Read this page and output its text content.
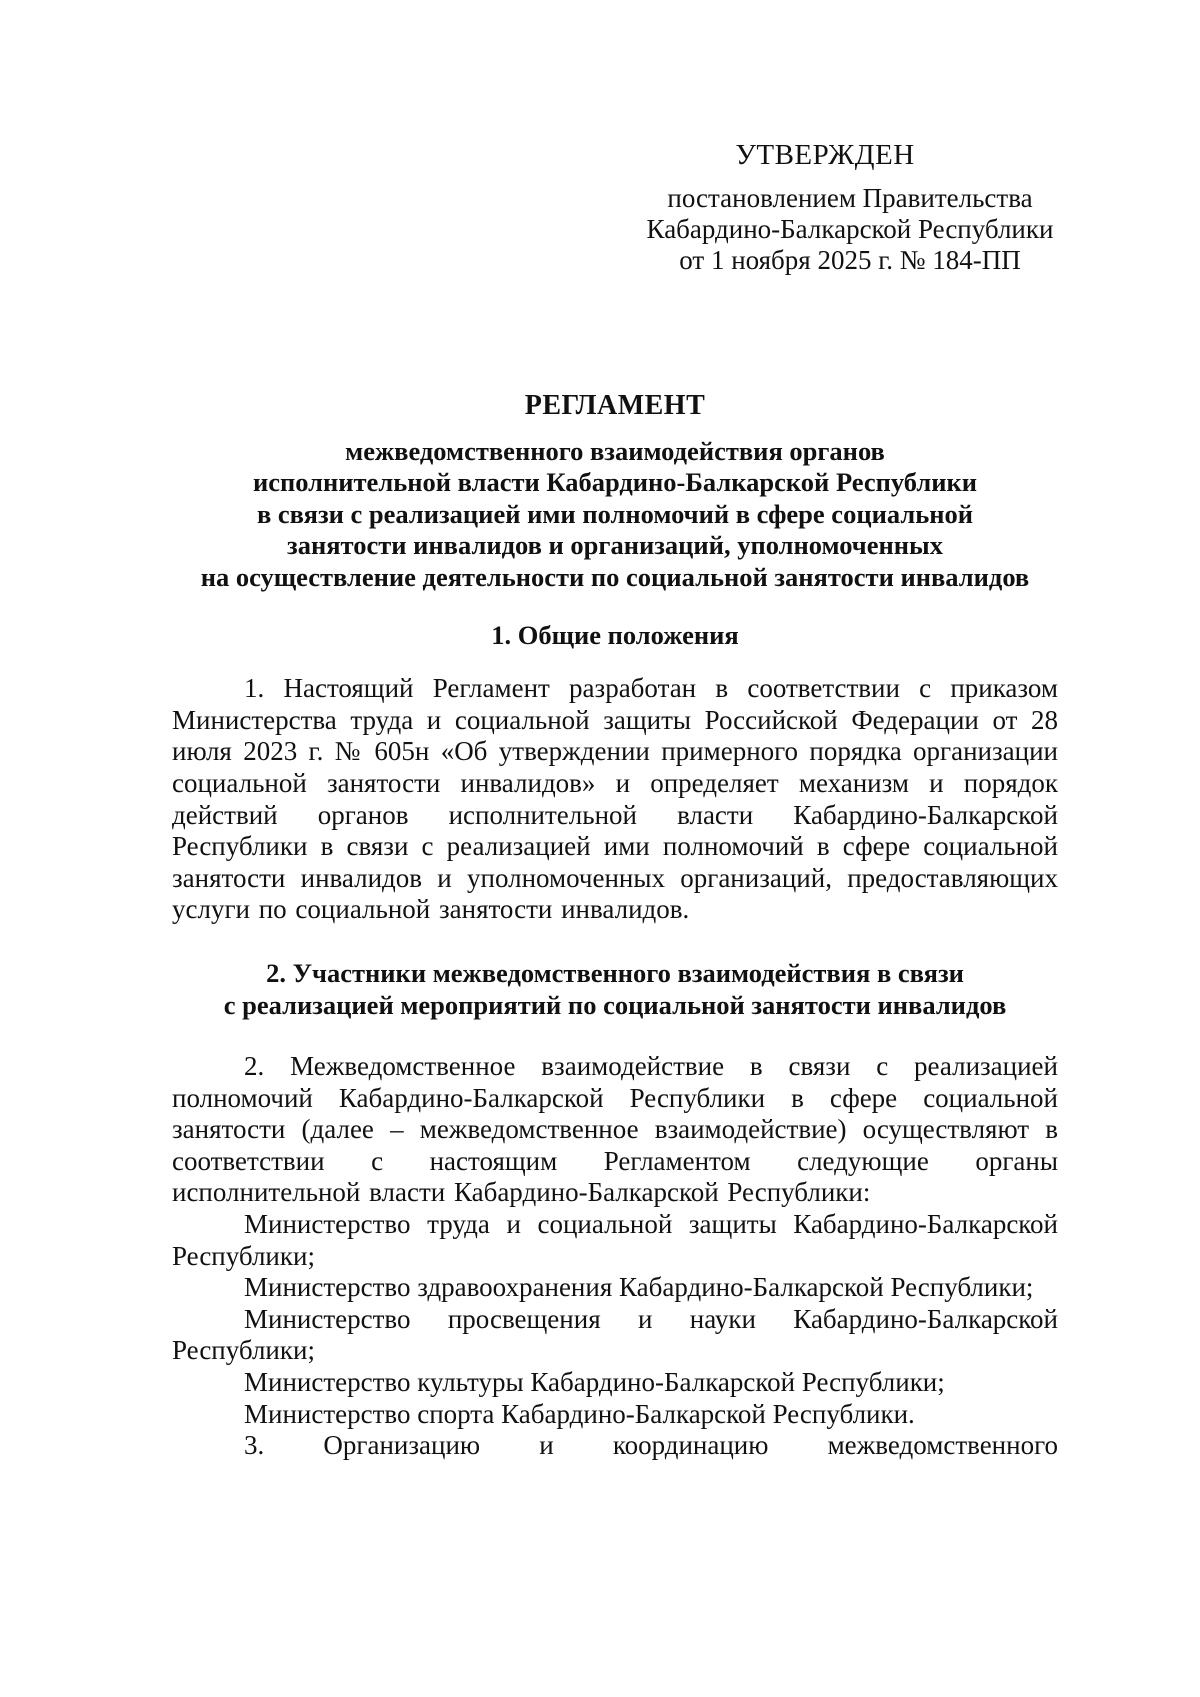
УТВЕРЖДЕН
постановлением Правительства
Кабардино-Балкарской Республики
от 1 ноября 2025 г. № 184-ПП
РЕГЛАМЕНТ
межведомственного взаимодействия органов
исполнительной власти Кабардино-Балкарской Республики
в связи с реализацией ими полномочий в сфере социальной
занятости инвалидов и организаций, уполномоченных
на осуществление деятельности по социальной занятости инвалидов
1. Общие положения

1. Настоящий Регламент разработан в соответствии с приказом Министерства труда и социальной защиты Российской Федерации от 28 июля 2023 г. № 605н «Об утверждении примерного порядка организации социальной занятости инвалидов» и определяет механизм и порядок действий органов исполнительной власти Кабардино-Балкарской Республики в связи с реализацией ими полномочий в сфере социальной занятости инвалидов и уполномоченных организаций, предоставляющих услуги по социальной занятости инвалидов.

2. Участники межведомственного взаимодействия в связи
с реализацией мероприятий по социальной занятости инвалидов

2. Межведомственное взаимодействие в связи с реализацией полномочий Кабардино-Балкарской Республики в сфере социальной занятости (далее – межведомственное взаимодействие) осуществляют в соответствии с настоящим Регламентом следующие органы исполнительной власти Кабардино-Балкарской Республики:

Министерство труда и социальной защиты Кабардино-Балкарской Республики;

Министерство здравоохранения Кабардино-Балкарской Республики;

Министерство просвещения и науки Кабардино-Балкарской Республики;

Министерство культуры Кабардино-Балкарской Республики;

Министерство спорта Кабардино-Балкарской Республики.

3. Организацию и координацию межведомственного
